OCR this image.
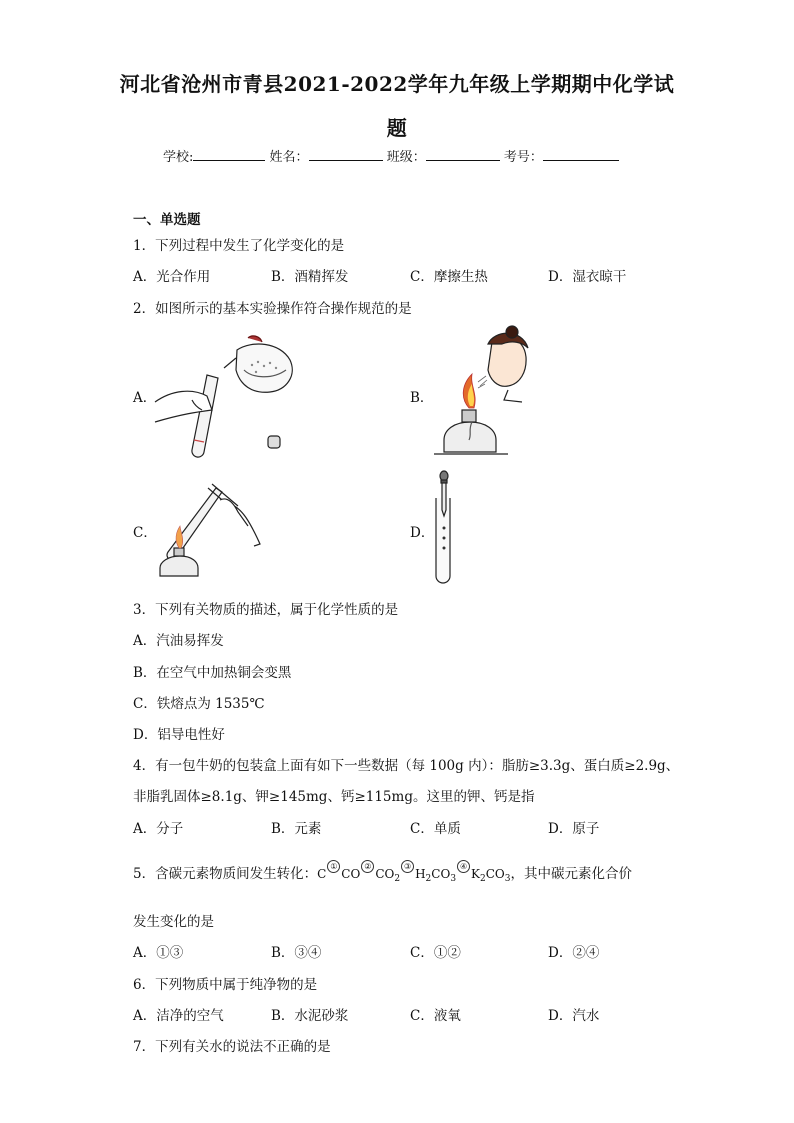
河北省沧州市青县2021-2022学年九年级上学期期中化学试
题
学校:	姓名：	班级：	考号：
一、单选题
1．下列过程中发生了化学变化的是
A．光合作用	B．酒精挥发	C．摩擦生热	D．湿衣晾干
2．如图所示的基本实验操作符合操作规范的是
A．	B．
C．	D．
3．下列有关物质的描述，属于化学性质的是
A．汽油易挥发
B．在空气中加热铜会变黑
C．铁熔点为 1535℃
D．铝导电性好
4．有一包牛奶的包装盒上面有如下一些数据（每 100g 内）：脂肪≥3.3g、蛋白质≥2.9g、
非脂乳固体≥8.1g、钾≥145mg、钙≥115mg。这里的钾、钙是指
A．分子	B．元素	C．单质	D．原子
5．含碳元素物质间发生转化：$C①CO②CO_2③H_2CO_3④K_2CO_3$，其中碳元素化合价
发生变化的是
A．①③	B．③④	C．①②	D．②④
6．下列物质中属于纯净物的是
A．洁净的空气	B．水泥砂浆	C．液氧	D．汽水
7．下列有关水的说法不正确的是
